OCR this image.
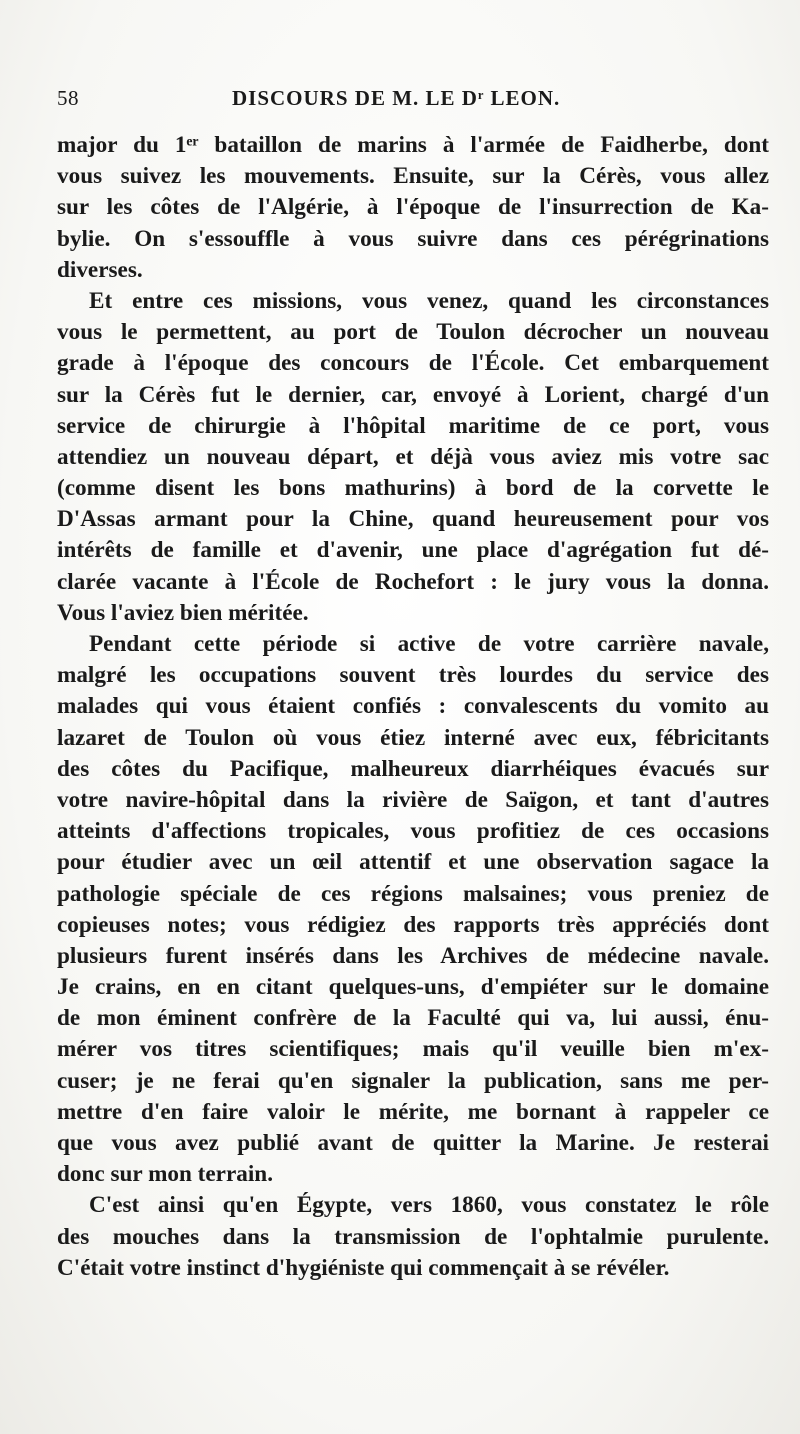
58	DISCOURS DE M. LE Dʳ LEON.
major du 1ᵉʳ bataillon de marins à l'armée de Faidherbe, dont
vous suivez les mouvements. Ensuite, sur la Cérès, vous allez
sur les côtes de l'Algérie, à l'époque de l'insurrection de Ka-
bylie. On s'essouffle à vous suivre dans ces pérégrinations
diverses.
Et entre ces missions, vous venez, quand les circonstances
vous le permettent, au port de Toulon décrocher un nouveau
grade à l'époque des concours de l'École. Cet embarquement
sur la Cérès fut le dernier, car, envoyé à Lorient, chargé d'un
service de chirurgie à l'hôpital maritime de ce port, vous
attendiez un nouveau départ, et déjà vous aviez mis votre sac
(comme disent les bons mathurins) à bord de la corvette le
D'Assas armant pour la Chine, quand heureusement pour vos
intérêts de famille et d'avenir, une place d'agrégation fut dé-
clarée vacante à l'École de Rochefort : le jury vous la donna.
Vous l'aviez bien méritée.
Pendant cette période si active de votre carrière navale,
malgré les occupations souvent très lourdes du service des
malades qui vous étaient confiés : convalescents du vomito au
lazaret de Toulon où vous étiez interné avec eux, fébricitants
des côtes du Pacifique, malheureux diarrhéiques évacués sur
votre navire-hôpital dans la rivière de Saïgon, et tant d'autres
atteints d'affections tropicales, vous profitiez de ces occasions
pour étudier avec un œil attentif et une observation sagace la
pathologie spéciale de ces régions malsaines; vous preniez de
copieuses notes; vous rédigiez des rapports très appréciés dont
plusieurs furent insérés dans les Archives de médecine navale.
Je crains, en en citant quelques-uns, d'empiéter sur le domaine
de mon éminent confrère de la Faculté qui va, lui aussi, énu-
mérer vos titres scientifiques; mais qu'il veuille bien m'ex-
cuser; je ne ferai qu'en signaler la publication, sans me per-
mettre d'en faire valoir le mérite, me bornant à rappeler ce
que vous avez publié avant de quitter la Marine. Je resterai
donc sur mon terrain.
C'est ainsi qu'en Égypte, vers 1860, vous constatez le rôle
des mouches dans la transmission de l'ophtalmie purulente.
C'était votre instinct d'hygiéniste qui commençait à se révéler.
